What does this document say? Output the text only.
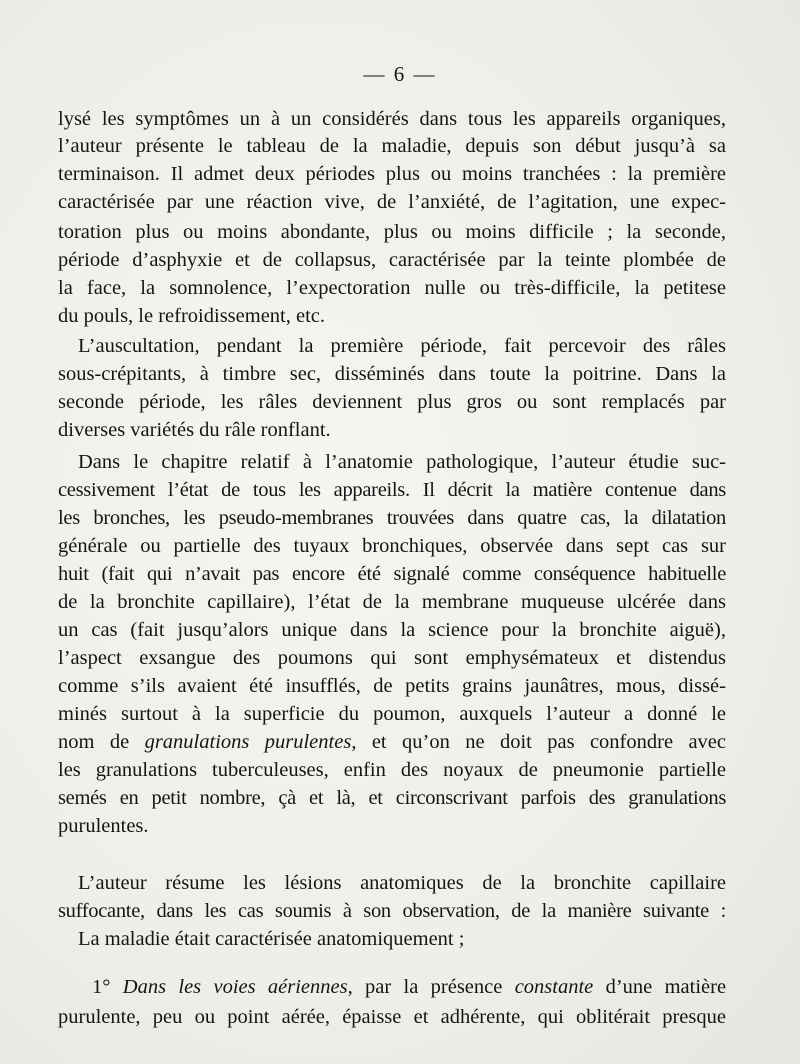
— 6 —
lysé les symptômes un à un considérés dans tous les appareils organiques,
l’auteur présente le tableau de la maladie, depuis son début jusqu’à sa
terminaison. Il admet deux périodes plus ou moins tranchées : la première
caractérisée par une réaction vive, de l’anxiété, de l’agitation, une expec-
toration plus ou moins abondante, plus ou moins difficile ; la seconde,
période d’asphyxie et de collapsus, caractérisée par la teinte plombée de
la face, la somnolence, l’expectoration nulle ou très-difficile, la petitese
du pouls, le refroidissement, etc.
L’auscultation, pendant la première période, fait percevoir des râles
sous-crépitants, à timbre sec, disséminés dans toute la poitrine. Dans la
seconde période, les râles deviennent plus gros ou sont remplacés par
diverses variétés du râle ronflant.
Dans le chapitre relatif à l’anatomie pathologique, l’auteur étudie suc-
cessivement l’état de tous les appareils. Il décrit la matière contenue dans
les bronches, les pseudo-membranes trouvées dans quatre cas, la dilatation
générale ou partielle des tuyaux bronchiques, observée dans sept cas sur
huit (fait qui n’avait pas encore été signalé comme conséquence habituelle
de la bronchite capillaire), l’état de la membrane muqueuse ulcérée dans
un cas (fait jusqu’alors unique dans la science pour la bronchite aiguë),
l’aspect exsangue des poumons qui sont emphysémateux et distendus
comme s’ils avaient été insufflés, de petits grains jaunâtres, mous, dissé-
minés surtout à la superficie du poumon, auxquels l’auteur a donné le
nom de granulations purulentes, et qu’on ne doit pas confondre avec
les granulations tuberculeuses, enfin des noyaux de pneumonie partielle
semés en petit nombre, çà et là, et circonscrivant parfois des granulations
purulentes.
L’auteur résume les lésions anatomiques de la bronchite capillaire
suffocante, dans les cas soumis à son observation, de la manière suivante :
La maladie était caractérisée anatomiquement ;
1° Dans les voies aériennes, par la présence constante d’une matière
purulente, peu ou point aérée, épaisse et adhérente, qui oblitérait presque
